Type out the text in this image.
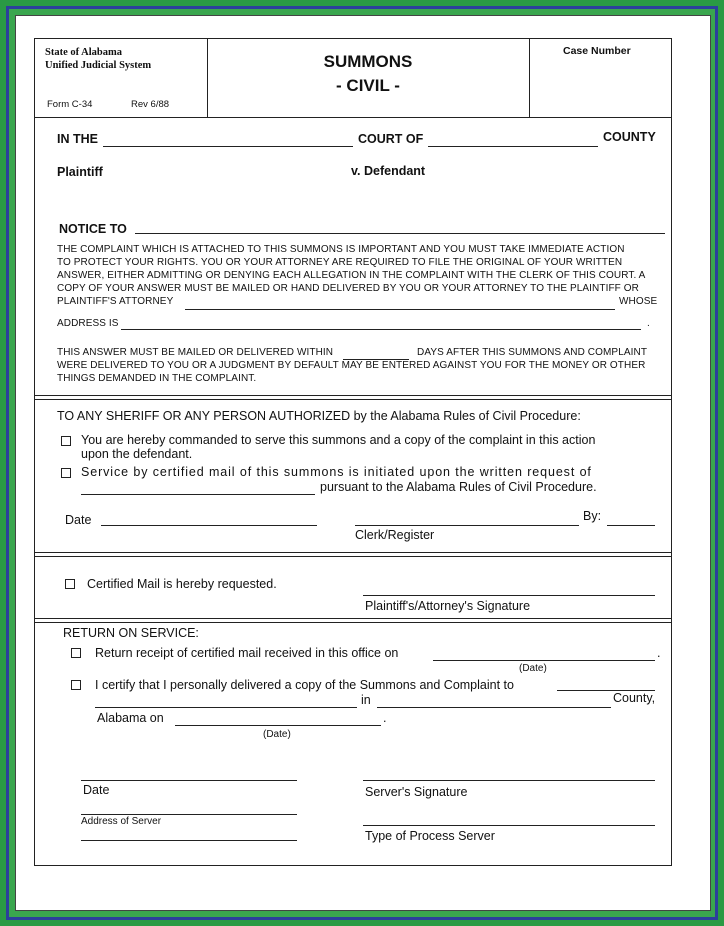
State of Alabama
Unified Judicial System
Form C-34	Rev 6/88
SUMMONS
- CIVIL -
Case Number
IN THE	COURT OF	COUNTY
Plaintiff	v. Defendant
NOTICE TO
THE COMPLAINT WHICH IS ATTACHED TO THIS SUMMONS IS IMPORTANT AND YOU MUST TAKE IMMEDIATE ACTION
TO PROTECT YOUR RIGHTS. YOU OR YOUR ATTORNEY ARE REQUIRED TO FILE THE ORIGINAL OF YOUR WRITTEN
ANSWER, EITHER ADMITTING OR DENYING EACH ALLEGATION IN THE COMPLAINT WITH THE CLERK OF THIS COURT. A
COPY OF YOUR ANSWER MUST BE MAILED OR HAND DELIVERED BY YOU OR YOUR ATTORNEY TO THE PLAINTIFF OR
PLAINTIFF'S ATTORNEY	WHOSE
ADDRESS IS	.
THIS ANSWER MUST BE MAILED OR DELIVERED WITHIN	DAYS AFTER THIS SUMMONS AND COMPLAINT
WERE DELIVERED TO YOU OR A JUDGMENT BY DEFAULT MAY BE ENTERED AGAINST YOU FOR THE MONEY OR OTHER
THINGS DEMANDED IN THE COMPLAINT.
TO ANY SHERIFF OR ANY PERSON AUTHORIZED by the Alabama Rules of Civil Procedure:
You are hereby commanded to serve this summons and a copy of the complaint in this action
upon the defendant.
Service by certified mail of this summons is initiated upon the written request of
pursuant to the Alabama Rules of Civil Procedure.
Date	By:
Clerk/Register
Certified Mail is hereby requested.
Plaintiff's/Attorney's Signature
RETURN ON SERVICE:
Return receipt of certified mail received in this office on	.
(Date)
I certify that I personally delivered a copy of the Summons and Complaint to
in	County,
Alabama on	.
(Date)
Date	Server's Signature
Address of Server
Type of Process Server
